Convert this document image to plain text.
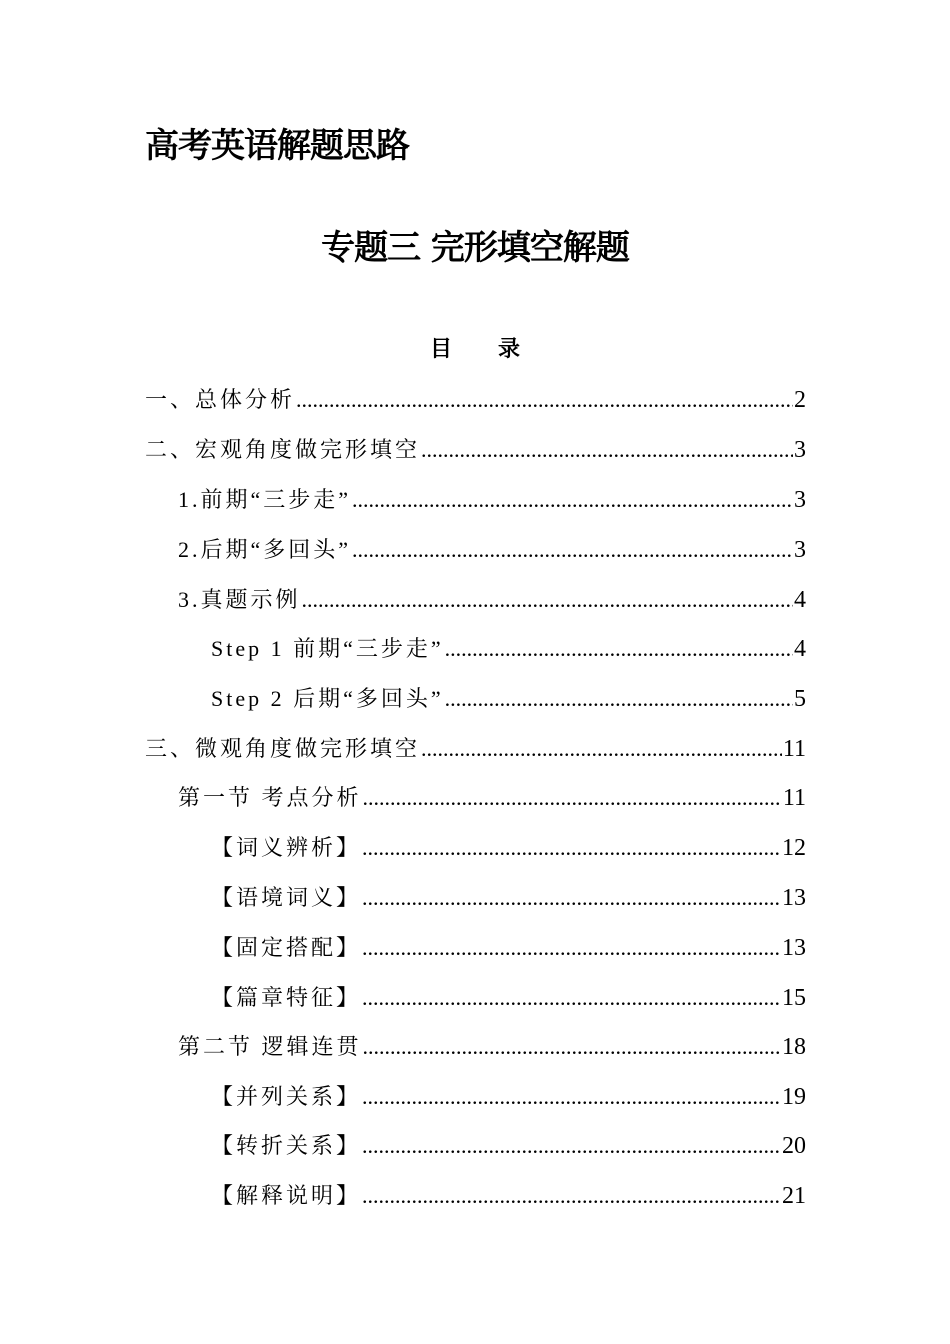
高考英语解题思路
专题三 完形填空解题
目 录
一、总体分析 .....	2
二、宏观角度做完形填空 .....	3
1.前期“三步走” .....	3
2.后期“多回头” .....	3
3.真题示例 .....	4
Step 1 前期“三步走” .....	4
Step 2 后期“多回头” .....	5
三、微观角度做完形填空 .....	11
第一节 考点分析 .....	11
【词义辨析】 .....	12
【语境词义】 .....	13
【固定搭配】 .....	13
【篇章特征】 .....	15
第二节 逻辑连贯 .....	18
【并列关系】 .....	19
【转折关系】 .....	20
【解释说明】 .....	21
